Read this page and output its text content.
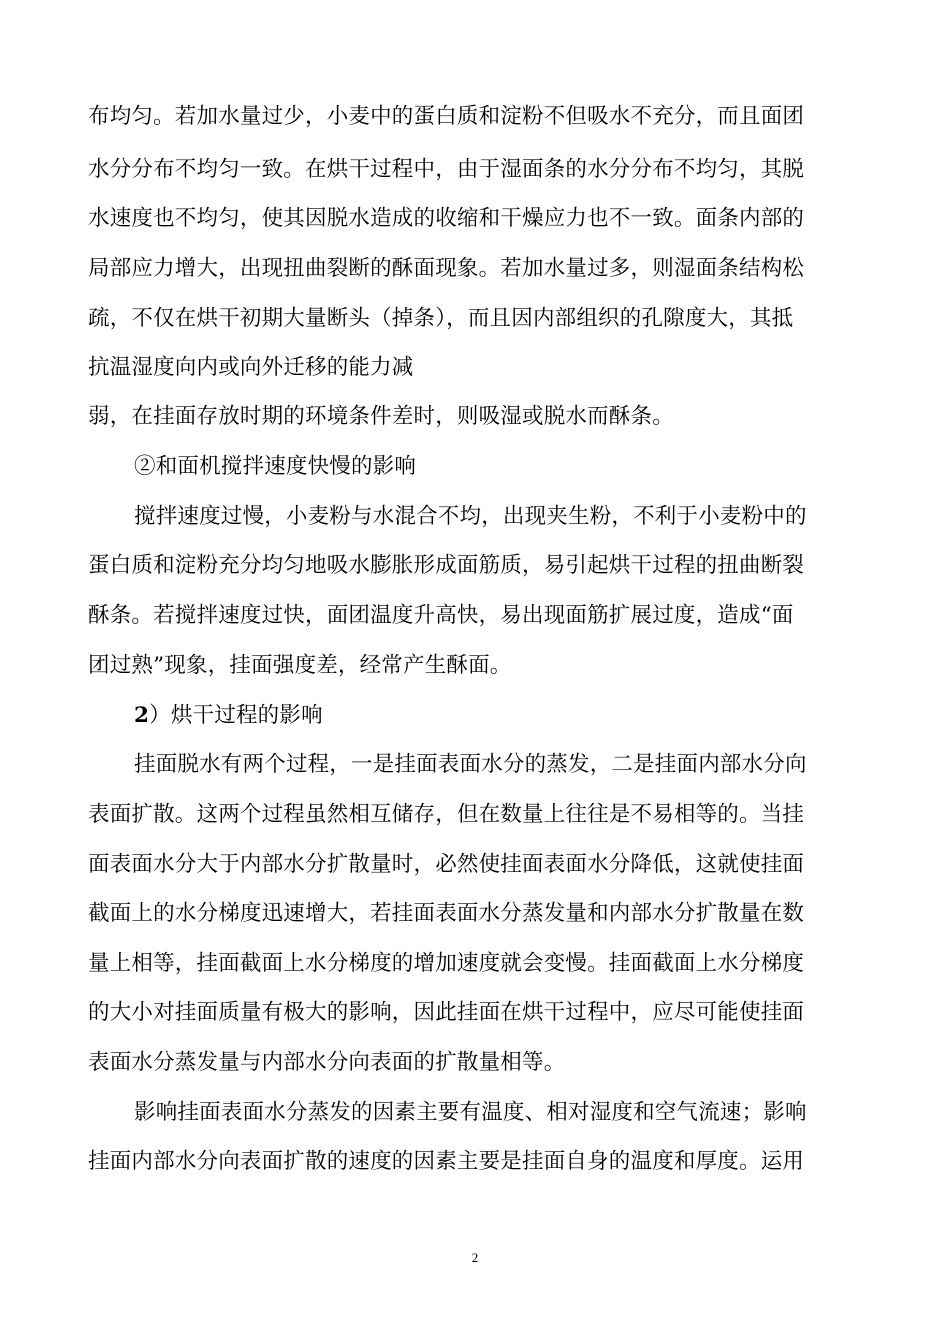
布均匀。若加水量过少，小麦中的蛋白质和淀粉不但吸水不充分，而且面团
水分分布不均匀一致。在烘干过程中，由于湿面条的水分分布不均匀，其脱
水速度也不均匀，使其因脱水造成的收缩和干燥应力也不一致。面条内部的
局部应力增大，出现扭曲裂断的酥面现象。若加水量过多，则湿面条结构松
疏，不仅在烘干初期大量断头（掉条），而且因内部组织的孔隙度大，其抵
抗温湿度向内或向外迁移的能力减
弱，在挂面存放时期的环境条件差时，则吸湿或脱水而酥条。
②和面机搅拌速度快慢的影响
搅拌速度过慢，小麦粉与水混合不均，出现夹生粉，不利于小麦粉中的
蛋白质和淀粉充分均匀地吸水膨胀形成面筋质，易引起烘干过程的扭曲断裂
酥条。若搅拌速度过快，面团温度升高快，易出现面筋扩展过度，造成“面
团过熟”现象，挂面强度差，经常产生酥面。
2）烘干过程的影响
挂面脱水有两个过程，一是挂面表面水分的蒸发，二是挂面内部水分向
表面扩散。这两个过程虽然相互储存，但在数量上往往是不易相等的。当挂
面表面水分大于内部水分扩散量时，必然使挂面表面水分降低，这就使挂面
截面上的水分梯度迅速增大，若挂面表面水分蒸发量和内部水分扩散量在数
量上相等，挂面截面上水分梯度的增加速度就会变慢。挂面截面上水分梯度
的大小对挂面质量有极大的影响，因此挂面在烘干过程中，应尽可能使挂面
表面水分蒸发量与内部水分向表面的扩散量相等。
影响挂面表面水分蒸发的因素主要有温度、相对湿度和空气流速；影响
挂面内部水分向表面扩散的速度的因素主要是挂面自身的温度和厚度。运用
2
